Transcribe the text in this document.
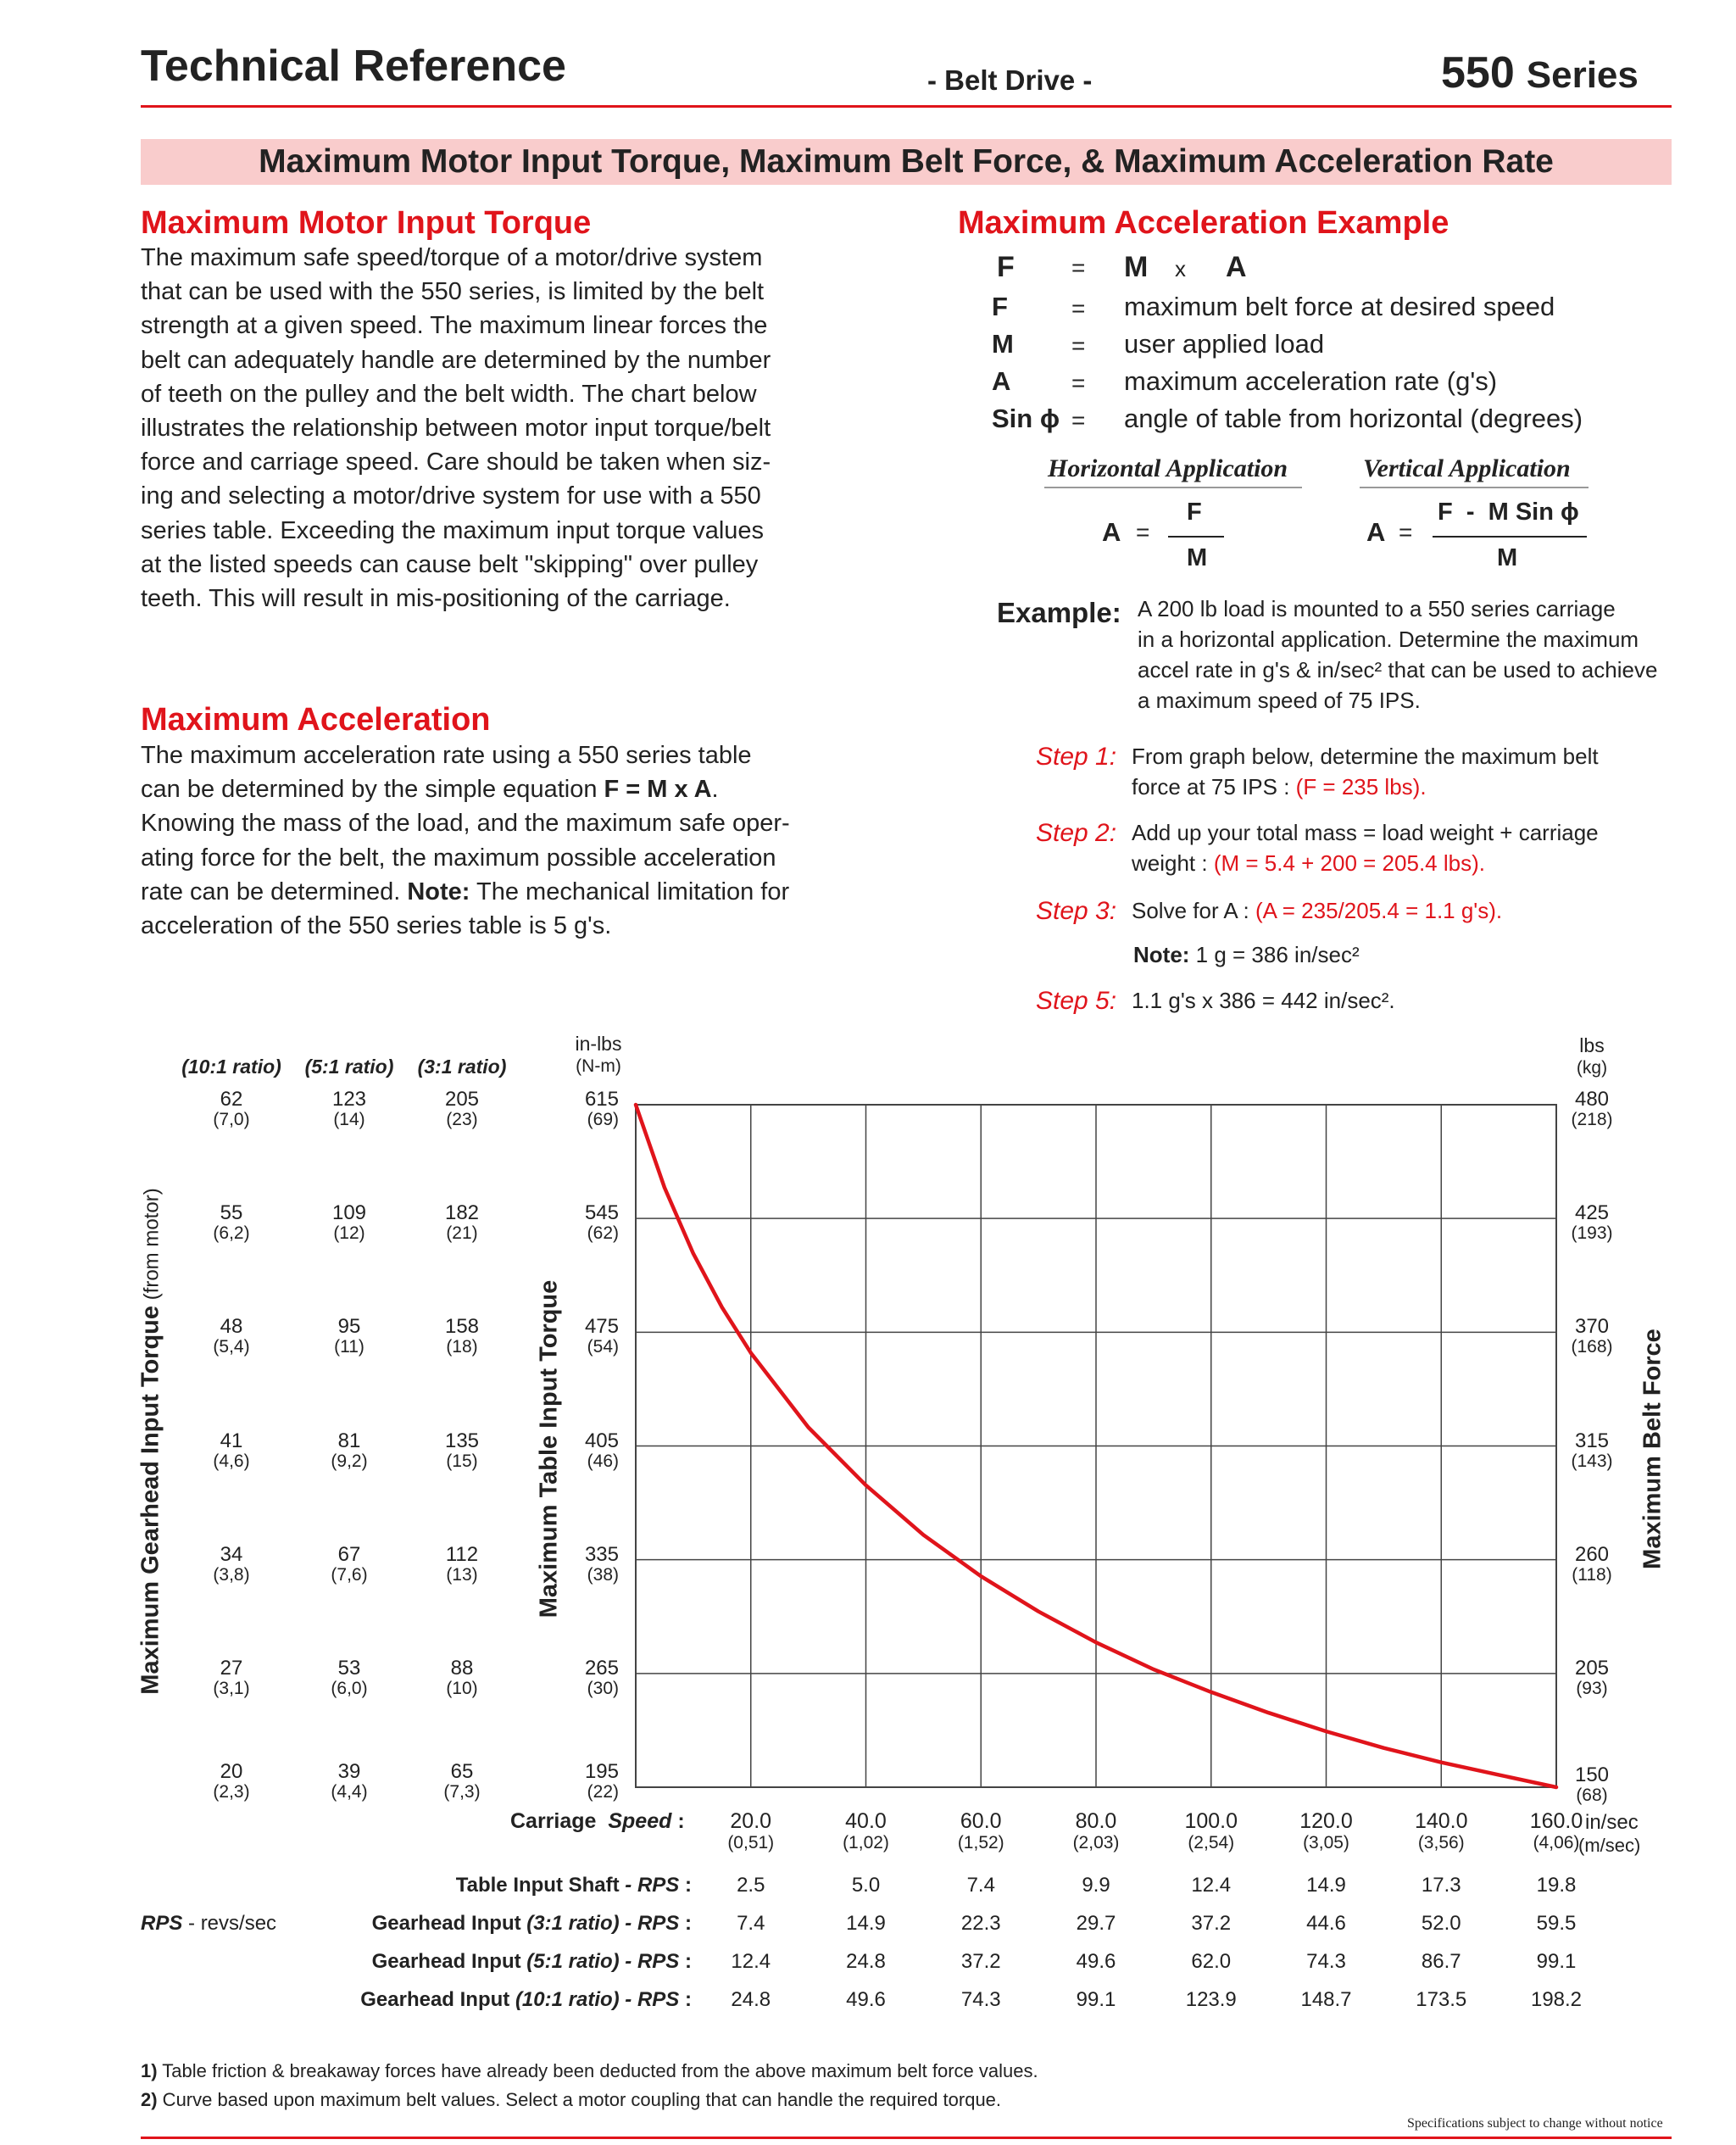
Technical Reference	- Belt Drive -	550 Series
Maximum Motor Input Torque, Maximum Belt Force, & Maximum Acceleration Rate
Maximum Motor Input Torque
The maximum safe speed/torque of a motor/drive system
that can be used with the 550 series, is limited by the belt
strength at a given speed. The maximum linear forces the
belt can adequately handle are determined by the number
of teeth on the pulley and the belt width. The chart below
illustrates the relationship between motor input torque/belt
force and carriage speed. Care should be taken when siz-
ing and selecting a motor/drive system for use with a 550
series table. Exceeding the maximum input torque values
at the listed speeds can cause belt "skipping" over pulley
teeth. This will result in mis-positioning of the carriage.
Maximum Acceleration
The maximum acceleration rate using a 550 series table
can be determined by the simple equation F = M x A.
Knowing the mass of the load, and the maximum safe oper-
ating force for the belt, the maximum possible acceleration
rate can be determined. Note: The mechanical limitation for
acceleration of the 550 series table is 5 g's.
Maximum Acceleration Example
F = M x A
F	= maximum belt force at desired speed
M = user applied load
A	= maximum acceleration rate (g's)
Sin ϕ = angle of table from horizontal (degrees)
Horizontal Application	Vertical Application
A =
F
M
A =
F  -  M Sin ϕ
M
Example: A 200 lb load is mounted to a 550 series carriage
in a horizontal application. Determine the maximum
accel rate in g's & in/sec² that can be used to achieve
a maximum speed of 75 IPS.
Step 1: From graph below, determine the maximum belt
force at 75 IPS : (F = 235 lbs).
Step 2: Add up your total mass = load weight + carriage
weight : (M = 5.4 + 200 = 205.4 lbs).
Step 3: Solve for A : (A = 235/205.4 = 1.1 g's).
Note: 1 g = 386 in/sec²
Step 5: 1.1 g's x 386 = 442 in/sec².
615
(69)
480
(218)
62
(7,0)
123
(14)
205
(23)
545
(62)
425
(193)
55
(6,2)
109
(12)
182
(21)
475
(54)
370
(168)
48
(5,4)
95
(11)
158
(18)
405
(46)
315
(143)
41
(4,6)
81
(9,2)
135
(15)
335
(38)
260
(118)
34
(3,8)
67
(7,6)
112
(13)
265
(30)
205
(93)
27
(3,1)
53
(6,0)
88
(10)
195
(22)
150
(68)
20
(2,3)
39
(4,4)
65
(7,3)
(10:1 ratio)	(5:1 ratio)	(3:1 ratio)
in-lbs
(N-m)
lbs
(kg)
20.0
(0,51)
40.0
(1,02)
60.0
(1,52)
80.0
(2,03)
100.0
(2,54)
120.0
(3,05)
140.0
(3,56)
160.0
(4,06)
in/sec
(m/sec)
Carriage Speed :
Maximum Table Input Torque	Maximum Belt Force
Maximum Gearhead Input Torque (from motor)
Table Input Shaft - RPS :	2.5	5.0	7.4	9.9	12.4	14.9	17.3	19.8
Gearhead Input (3:1 ratio) - RPS :	7.4	14.9	22.3	29.7	37.2	44.6	52.0	59.5
Gearhead Input (5:1 ratio) - RPS :	12.4	24.8	37.2	49.6	62.0	74.3	86.7	99.1
Gearhead Input (10:1 ratio) - RPS :	24.8	49.6	74.3	99.1	123.9	148.7	173.5	198.2
RPS - revs/sec
1) Table friction & breakaway forces have already been deducted from the above maximum belt force values.
2) Curve based upon maximum belt values. Select a motor coupling that can handle the required torque.
Specifications subject to change without notice
